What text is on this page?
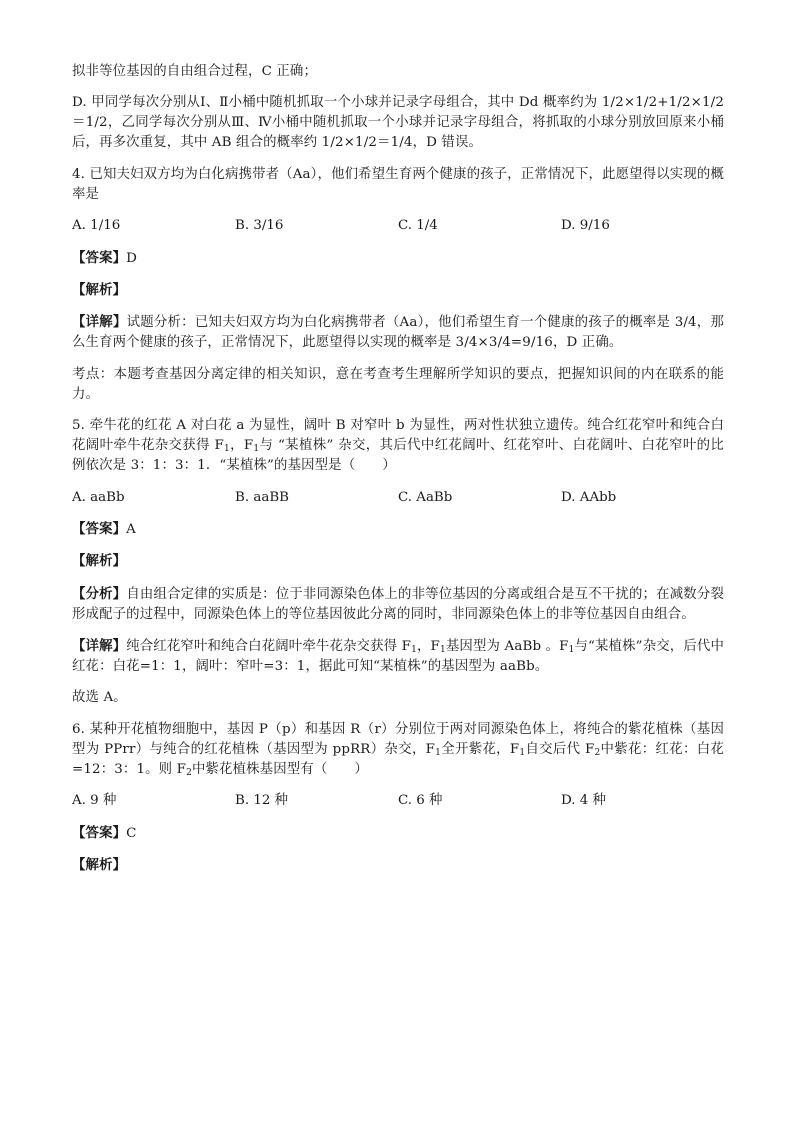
拟非等位基因的自由组合过程，C 正确；

D. 甲同学每次分别从Ⅰ、Ⅱ小桶中随机抓取一个小球并记录字母组合，其中 Dd 概率约为 1/2×1/2+1/2×1/2＝1/2，乙同学每次分别从Ⅲ、Ⅳ小桶中随机抓取一个小球并记录字母组合，将抓取的小球分别放回原来小桶后，再多次重复，其中 AB 组合的概率约 1/2×1/2＝1/4，D 错误。

4. 已知夫妇双方均为白化病携带者（Aa），他们希望生育两个健康的孩子，正常情况下，此愿望得以实现的概率是

A. 1/16	B. 3/16	C. 1/4	D. 9/16

【答案】D

【解析】

【详解】试题分析：已知夫妇双方均为白化病携带者（Aa），他们希望生育一个健康的孩子的概率是 3/4，那么生育两个健康的孩子，正常情况下，此愿望得以实现的概率是 3/4×3/4=9/16，D 正确。

考点：本题考查基因分离定律的相关知识，意在考查考生理解所学知识的要点，把握知识间的内在联系的能力。

5. 牵牛花的红花 A 对白花 a 为显性，阔叶 B 对窄叶 b 为显性，两对性状独立遗传。纯合红花窄叶和纯合白花阔叶牵牛花杂交获得 $F_1$，$F_1$与 “某植株” 杂交，其后代中红花阔叶、红花窄叶、白花阔叶、白花窄叶的比例依次是 3：1：3：1．“某植株”的基因型是（　　）

A. aaBb	B. aaBB	C. AaBb	D. AAbb

【答案】A

【解析】

【分析】自由组合定律的实质是：位于非同源染色体上的非等位基因的分离或组合是互不干扰的；在减数分裂形成配子的过程中，同源染色体上的等位基因彼此分离的同时，非同源染色体上的非等位基因自由组合。

【详解】纯合红花窄叶和纯合白花阔叶牵牛花杂交获得 $F_1$，$F_1$基因型为 AaBb 。$F_1$与“某植株”杂交，后代中红花：白花=1：1，阔叶：窄叶=3：1，据此可知“某植株”的基因型为 aaBb。

故选 A。

6. 某种开花植物细胞中，基因 P（p）和基因 R（r）分别位于两对同源染色体上，将纯合的紫花植株（基因型为 PPrr）与纯合的红花植株（基因型为 ppRR）杂交，$F_1$全开紫花，$F_1$自交后代 $F_2$中紫花：红花：白花=12：3：1。则 $F_2$中紫花植株基因型有（　　）

A. 9 种	B. 12 种	C. 6 种	D. 4 种

【答案】C

【解析】
